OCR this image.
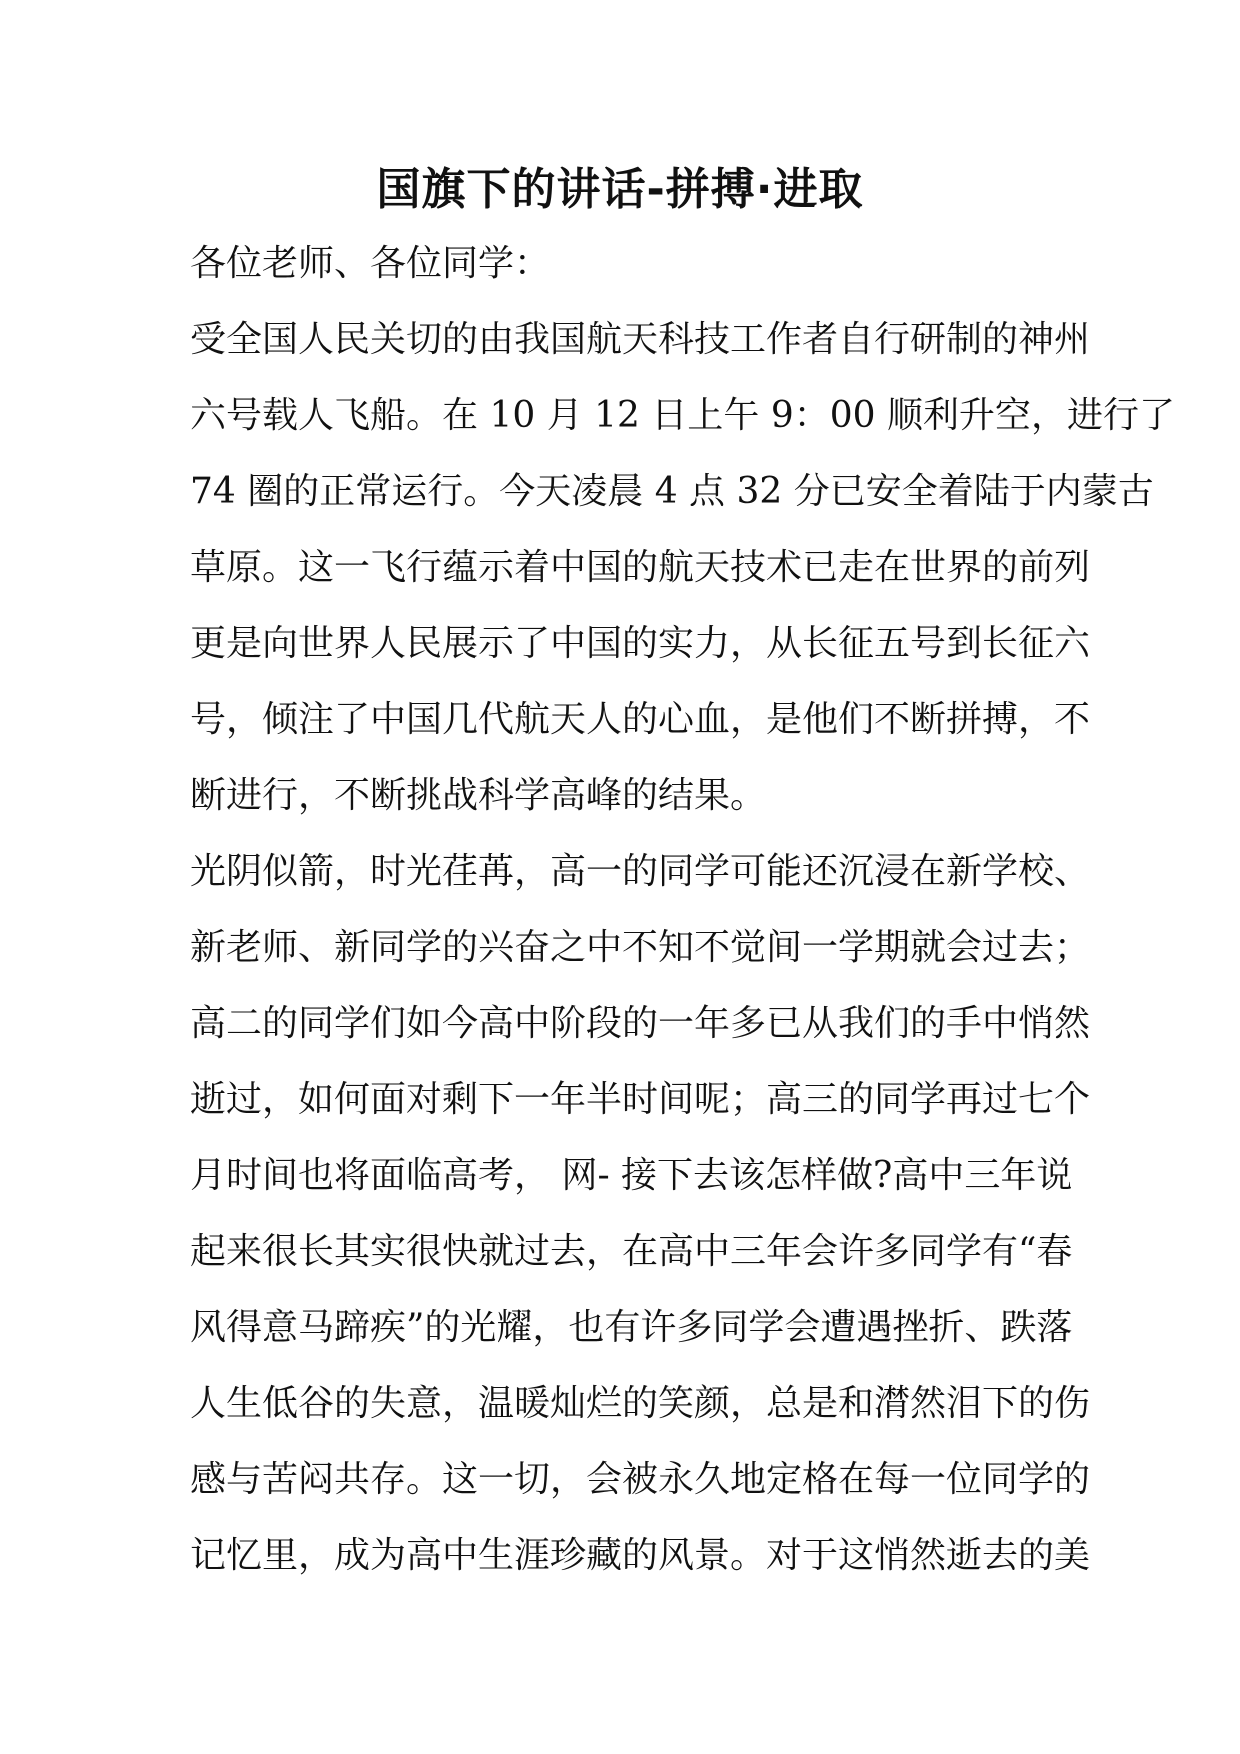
国旗下的讲话-拼搏·进取

各位老师、各位同学：

受全国人民关切的由我国航天科技工作者自行研制的神州

六号载人飞船。在 10 月 12 日上午 9：00 顺利升空，进行了

74 圈的正常运行。今天凌晨 4 点 32 分已安全着陆于内蒙古

草原。这一飞行蕴示着中国的航天技术已走在世界的前列

更是向世界人民展示了中国的实力，从长征五号到长征六

号，倾注了中国几代航天人的心血，是他们不断拼搏，不

断进行，不断挑战科学高峰的结果。

光阴似箭，时光荏苒，高一的同学可能还沉浸在新学校、

新老师、新同学的兴奋之中不知不觉间一学期就会过去；

高二的同学们如今高中阶段的一年多已从我们的手中悄然

逝过，如何面对剩下一年半时间呢；高三的同学再过七个

月时间也将面临高考， 网- 接下去该怎样做?高中三年说

起来很长其实很快就过去，在高中三年会许多同学有“春

风得意马蹄疾”的光耀，也有许多同学会遭遇挫折、跌落

人生低谷的失意，温暖灿烂的笑颜，总是和潸然泪下的伤

感与苦闷共存。这一切，会被永久地定格在每一位同学的

记忆里，成为高中生涯珍藏的风景。对于这悄然逝去的美
